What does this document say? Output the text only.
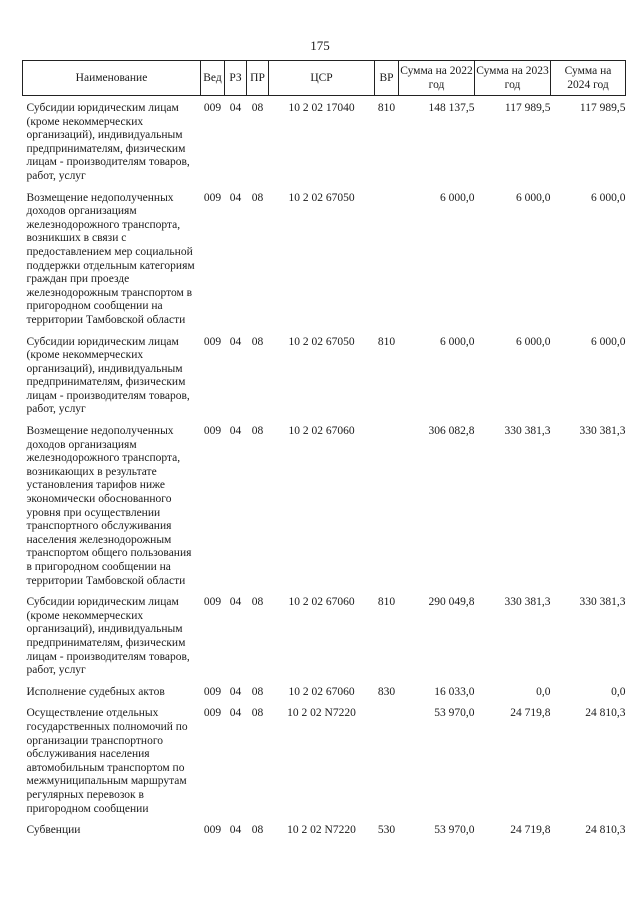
175
Наименование	Вед	РЗ	ПР	ЦСР	ВР	Сумма на 2022 год	Сумма на 2023 год	Сумма на 2024 год
Субсидии юридическим лицам (кроме некоммерческих организаций), индивидуальным предпринимателям, физическим лицам - производителям товаров, работ, услуг	009	04	08	10 2 02 17040	810	148 137,5	117 989,5	117 989,5
Возмещение недополученных доходов организациям железнодорожного транспорта, возникших в связи с предоставлением мер социальной поддержки отдельным категориям граждан при проезде железнодорожным транспортом в пригородном сообщении на территории Тамбовской области	009	04	08	10 2 02 67050		6 000,0	6 000,0	6 000,0
Субсидии юридическим лицам (кроме некоммерческих организаций), индивидуальным предпринимателям, физическим лицам - производителям товаров, работ, услуг	009	04	08	10 2 02 67050	810	6 000,0	6 000,0	6 000,0
Возмещение недополученных доходов организациям железнодорожного транспорта, возникающих в результате установления тарифов ниже экономически обоснованного уровня при осуществлении транспортного обслуживания населения железнодорожным транспортом общего пользования в пригородном сообщении на территории Тамбовской области	009	04	08	10 2 02 67060		306 082,8	330 381,3	330 381,3
Субсидии юридическим лицам (кроме некоммерческих организаций), индивидуальным предпринимателям, физическим лицам - производителям товаров, работ, услуг	009	04	08	10 2 02 67060	810	290 049,8	330 381,3	330 381,3
Исполнение судебных актов	009	04	08	10 2 02 67060	830	16 033,0	0,0	0,0
Осуществление отдельных государственных полномочий по организации транспортного обслуживания населения автомобильным транспортом по межмуниципальным маршрутам регулярных перевозок в пригородном сообщении	009	04	08	10 2 02 N7220		53 970,0	24 719,8	24 810,3
Субвенции	009	04	08	10 2 02 N7220	530	53 970,0	24 719,8	24 810,3
